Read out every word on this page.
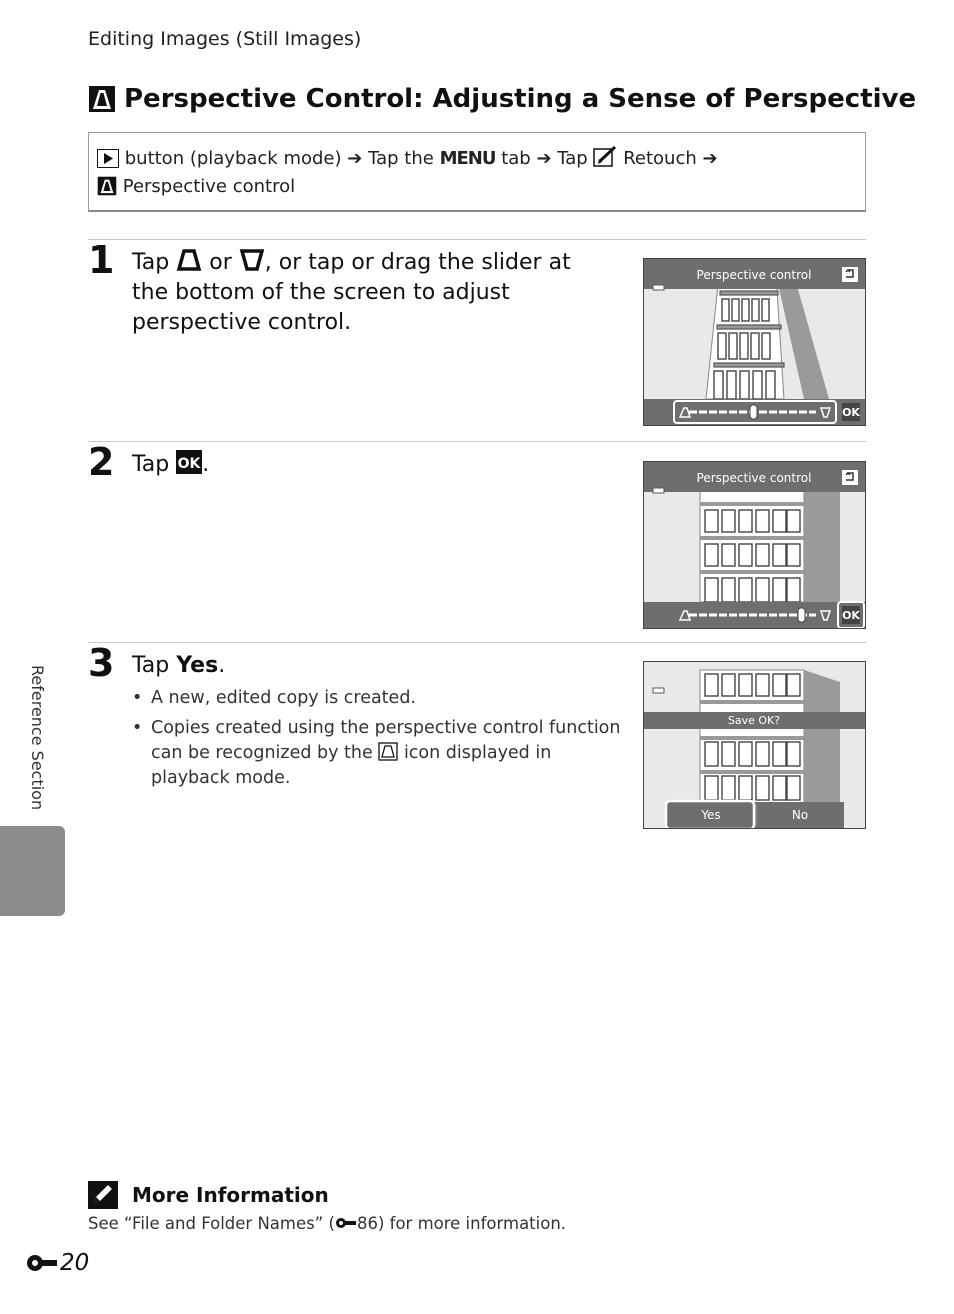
Editing Images (Still Images)
Perspective Control: Adjusting a Sense of Perspective
button (playback mode) ➔ Tap the MENU tab ➔ Tap Retouch ➔
Perspective control
1 Tap or , or tap or drag the slider at the bottom of the screen to adjust perspective control.
Perspective control
OK
2 Tap OK .
Perspective control
OK
3 Tap Yes.
• A new, edited copy is created.
• Copies created using the perspective control function can be recognized by the icon displayed in playback mode.
Save OK?
Yes	No
Reference Section
More Information
See “File and Folder Names” ( 86) for more information.
20
